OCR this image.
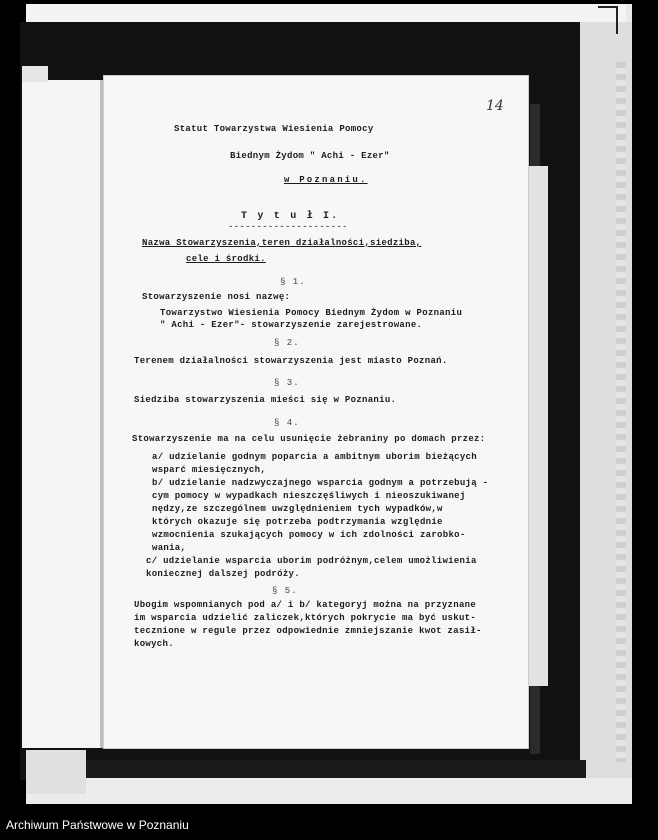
14
Statut Towarzystwa Wiesienia Pomocy
Biednym Żydom " Achi - Ezer"
w Poznaniu.
T y t u ł I.
---------------------
Nazwa Stowarzyszenia,teren działalności,siedziba,
cele i środki.
§ 1.
Stowarzyszenie nosi nazwę:
Towarzystwo Wiesienia Pomocy Biednym Żydom w Poznaniu
" Achi - Ezer"- stowarzyszenie zarejestrowane.
§ 2.
Terenem działalności stowarzyszenia jest miasto Poznań.
§ 3.
Siedziba stowarzyszenia mieści się w Poznaniu.
§ 4.
Stowarzyszenie ma na celu usunięcie żebraniny po domach przez:
a/ udzielanie godnym poparcia a ambitnym uborim bieżących
wsparć miesięcznych,
b/ udzielanie nadzwyczajnego wsparcia godnym a potrzebują -
cym pomocy w wypadkach nieszczęśliwych i nieoszukiwanej
nędzy,ze szczególnem uwzględnieniem tych wypadków,w
których okazuje się potrzeba podtrzymania względnie
wzmocnienia szukających pomocy w ich zdolności zarobko-
wania,
c/ udzielanie wsparcia uborim podróżnym,celem umożliwienia
koniecznej dalszej podróży.
§ 5.
Ubogim wspomnianych pod a/ i b/ kategoryj można na przyznane
im wsparcia udzielić zaliczek,których pokrycie ma być uskut-
tecznione w regule przez odpowiednie zmniejszanie kwot zasił-
kowych.
Archiwum Państwowe w Poznaniu
